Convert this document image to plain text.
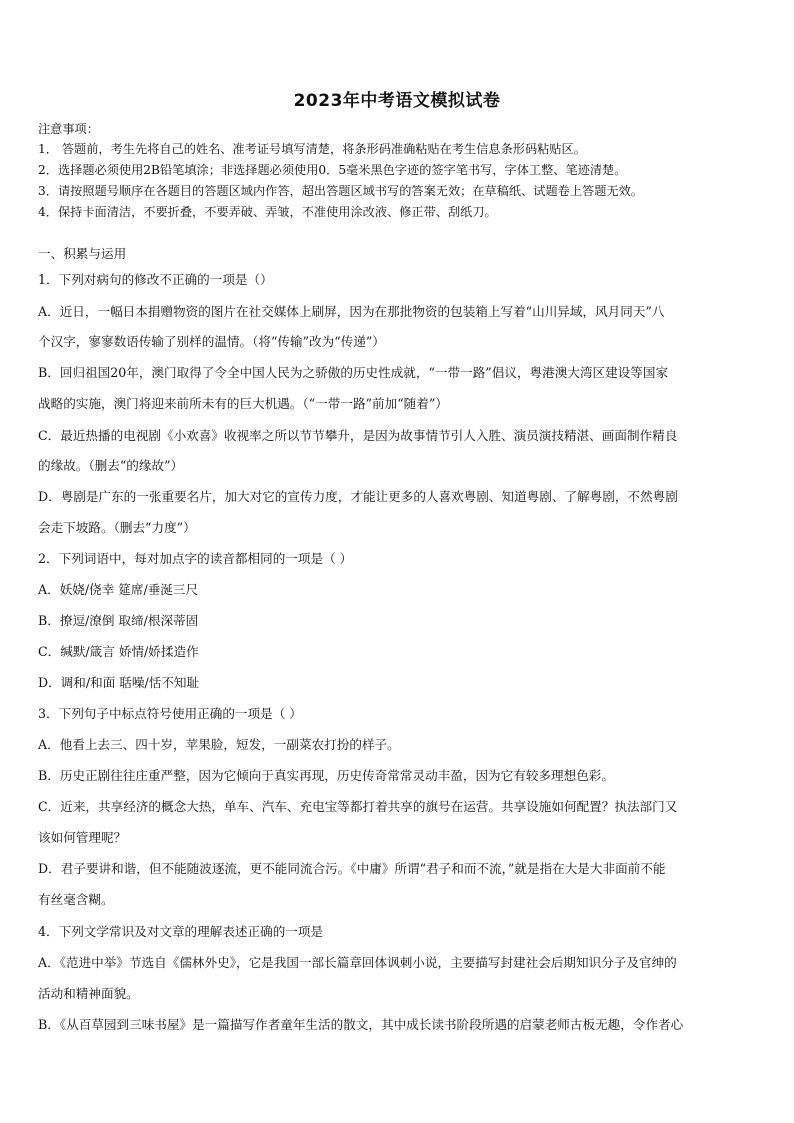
2023年中考语文模拟试卷
注意事项：
1． 答题前，考生先将自己的姓名、准考证号填写清楚，将条形码准确粘贴在考生信息条形码粘贴区。
2．选择题必须使用2B铅笔填涂；非选择题必须使用0．5毫米黑色字迹的签字笔书写，字体工整、笔迹清楚。
3．请按照题号顺序在各题目的答题区域内作答，超出答题区域书写的答案无效；在草稿纸、试题卷上答题无效。
4．保持卡面清洁，不要折叠，不要弄破、弄皱，不准使用涂改液、修正带、刮纸刀。
一、积累与运用
1．下列对病句的修改不正确的一项是（）
A．近日，一幅日本捐赠物资的图片在社交媒体上刷屏，因为在那批物资的包装箱上写着“山川异域，风月同天”八
个汉字，寥寥数语传输了别样的温情。（将“传输”改为“传递”）
B．回归祖国20年，澳门取得了令全中国人民为之骄傲的历史性成就，“一带一路”倡议，粤港澳大湾区建设等国家
战略的实施，澳门将迎来前所未有的巨大机遇。（“一带一路”前加“随着”）
C．最近热播的电视剧《小欢喜》收视率之所以节节攀升，是因为故事情节引人入胜、演员演技精湛、画面制作精良
的缘故。（删去“的缘故”）
D．粤剧是广东的一张重要名片，加大对它的宣传力度，才能让更多的人喜欢粤剧、知道粤剧、了解粤剧，不然粤剧
会走下坡路。（删去“力度”）
2．下列词语中，每对加点字的读音都相同的一项是（ ）
A．妖娆/侥幸 筵席/垂涎三尺
B．撩逗/潦倒 取缔/根深蒂固
C．缄默/箴言 娇情/娇揉造作
D．调和/和面 聒噪/恬不知耻
3．下列句子中标点符号使用正确的一项是（ ）
A．他看上去三、四十岁，苹果脸，短发，一副菜农打扮的样子。
B．历史正剧往往庄重严整，因为它倾向于真实再现，历史传奇常常灵动丰盈，因为它有较多理想色彩。
C．近来，共享经济的概念大热，单车、汽车、充电宝等都打着共享的旗号在运营。共享设施如何配置？执法部门又
该如何管理呢？
D．君子要讲和谐，但不能随波逐流，更不能同流合污。《中庸》所谓“君子和而不流，”就是指在大是大非面前不能
有丝毫含糊。
4．下列文学常识及对文章的理解表述正确的一项是
A．《范进中举》节选自《儒林外史》，它是我国一部长篇章回体讽刺小说，主要描写封建社会后期知识分子及官绅的
活动和精神面貌。
B．《从百草园到三味书屋》是一篇描写作者童年生活的散文，其中成长读书阶段所遇的启蒙老师古板无趣，令作者心
